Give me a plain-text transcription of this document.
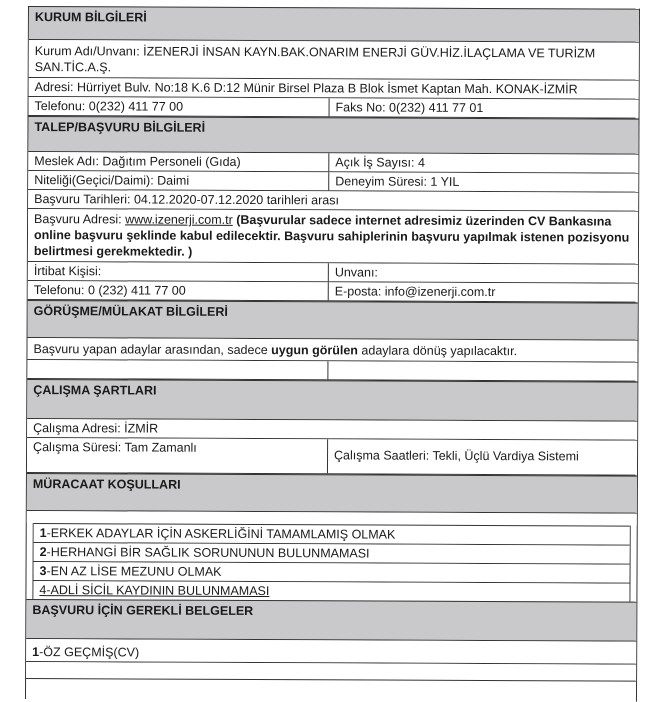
KURUM BİLGİLERİ
Kurum Adı/Unvanı: İZENERJİ İNSAN KAYN.BAK.ONARIM ENERJİ GÜV.HİZ.İLAÇLAMA VE TURİZM SAN.TİC.A.Ş.
Adresi: Hürriyet Bulv. No:18 K.6 D:12 Münir Birsel Plaza B Blok İsmet Kaptan Mah. KONAK-İZMİR
Telefonu: 0(232) 411 77 00	Faks No: 0(232) 411 77 01
TALEP/BAŞVURU BİLGİLERİ
Meslek Adı: Dağıtım Personeli (Gıda)	Açık İş Sayısı: 4
Niteliği(Geçici/Daimi): Daimi	Deneyim Süresi: 1 YIL
Başvuru Tarihleri: 04.12.2020-07.12.2020 tarihleri arası
Başvuru Adresi: www.izenerji.com.tr (Başvurular sadece internet adresimiz üzerinden CV Bankasına online başvuru şeklinde kabul edilecektir. Başvuru sahiplerinin başvuru yapılmak istenen pozisyonu belirtmesi gerekmektedir. )
İrtibat Kişisi:	Unvanı:
Telefonu: 0 (232) 411 77 00	E-posta: info@izenerji.com.tr
GÖRÜŞME/MÜLAKAT BİLGİLERİ
Başvuru yapan adaylar arasından, sadece uygun görülen adaylara dönüş yapılacaktır.
ÇALIŞMA ŞARTLARI
Çalışma Adresi: İZMİR
Çalışma Süresi: Tam Zamanlı
Çalışma Saatleri: Tekli, Üçlü Vardiya Sistemi
MÜRACAAT KOŞULLARI
1-ERKEK ADAYLAR İÇİN ASKERLİĞİNİ TAMAMLAMIŞ OLMAK
2-HERHANGİ BİR SAĞLIK SORUNUNUN BULUNMAMASI
3-EN AZ LİSE MEZUNU OLMAK
4-ADLİ SİCİL KAYDININ BULUNMAMASI
BAŞVURU İÇİN GEREKLİ BELGELER
1-ÖZ GEÇMİŞ(CV)
